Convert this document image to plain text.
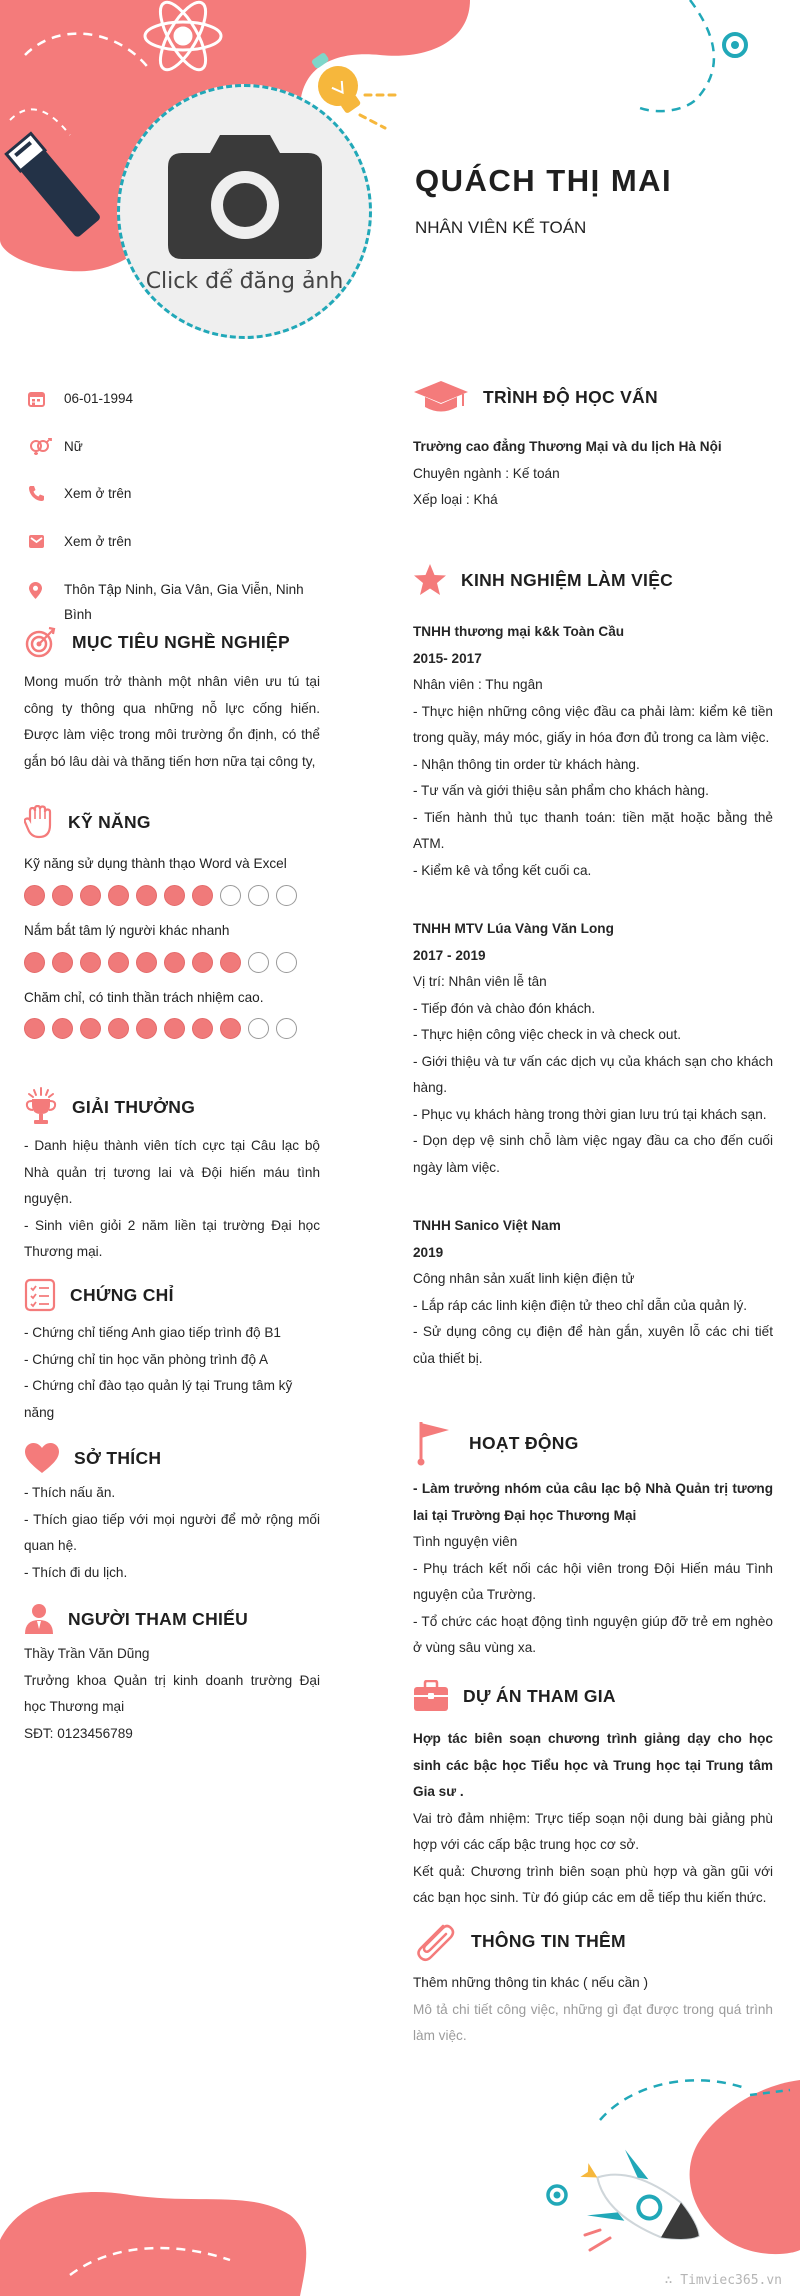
Click để đăng ảnh
QUÁCH THỊ MAI
NHÂN VIÊN KẾ TOÁN
06-01-1994
Nữ
Xem ở trên
Xem ở trên
Thôn Tập Ninh, Gia Vân, Gia Viễn, Ninh Bình
MỤC TIÊU NGHỀ NGHIỆP

Mong muốn trở thành một nhân viên ưu tú tại công ty thông qua những nỗ lực cống hiến. Được làm việc trong môi trường ổn định, có thể gắn bó lâu dài và thăng tiến hơn nữa tại công ty,

KỸ NĂNG
Kỹ năng sử dụng thành thạo Word và Excel
Nắm bắt tâm lý người khác nhanh
Chăm chỉ, có tinh thần trách nhiệm cao.
GIẢI THƯỞNG

- Danh hiệu thành viên tích cực tại Câu lạc bộ Nhà quản trị tương lai và Đội hiến máu tình nguyện.

- Sinh viên giỏi 2 năm liền tại trường Đại học Thương mại.

CHỨNG CHỈ

- Chứng chỉ tiếng Anh giao tiếp trình độ B1

- Chứng chỉ tin học văn phòng trình độ A

- Chứng chỉ đào tạo quản lý tại Trung tâm kỹ năng

SỞ THÍCH

- Thích nấu ăn.

- Thích giao tiếp với mọi người để mở rộng mối quan hệ.

- Thích đi du lịch.

NGƯỜI THAM CHIẾU

Thầy Trần Văn Dũng

Trưởng khoa Quản trị kinh doanh trường Đại học Thương mại

SĐT: 0123456789

TRÌNH ĐỘ HỌC VẤN

Trường cao đẳng Thương Mại và du lịch Hà Nội

Chuyên ngành : Kế toán

Xếp loại : Khá

KINH NGHIỆM LÀM VIỆC

TNHH thương mại k&k Toàn Cầu

2015- 2017

Nhân viên : Thu ngân

- Thực hiện những công việc đầu ca phải làm: kiểm kê tiền trong quầy, máy móc, giấy in hóa đơn đủ trong ca làm việc.

- Nhận thông tin order từ khách hàng.

- Tư vấn và giới thiệu sản phẩm cho khách hàng.

- Tiến hành thủ tục thanh toán: tiền mặt hoặc bằng thẻ ATM.

- Kiểm kê và tổng kết cuối ca.

TNHH MTV Lúa Vàng Văn Long

2017 - 2019

Vị trí: Nhân viên lễ tân

- Tiếp đón và chào đón khách.

- Thực hiện công việc check in và check out.

- Giới thiệu và tư vấn các dịch vụ của khách sạn cho khách hàng.

- Phục vụ khách hàng trong thời gian lưu trú tại khách sạn.

- Dọn dẹp vệ sinh chỗ làm việc ngay đầu ca cho đến cuối ngày làm việc.

TNHH Sanico Việt Nam

2019

Công nhân sản xuất linh kiện điện tử

- Lắp ráp các linh kiện điện tử theo chỉ dẫn của quản lý.

- Sử dụng công cụ điện để hàn gắn, xuyên lỗ các chi tiết của thiết bị.

HOẠT ĐỘNG

- Làm trưởng nhóm của câu lạc bộ Nhà Quản trị tương lai tại Trường Đại học Thương Mại

Tình nguyện viên

- Phụ trách kết nối các hội viên trong Đội Hiến máu Tình nguyện của Trường.

- Tổ chức các hoạt động tình nguyện giúp đỡ trẻ em nghèo ở vùng sâu vùng xa.

DỰ ÁN THAM GIA

Hợp tác biên soạn chương trình giảng dạy cho học sinh các bậc học Tiểu học và Trung học tại Trung tâm Gia sư .

Vai trò đảm nhiệm: Trực tiếp soạn nội dung bài giảng phù hợp với các cấp bậc trung học cơ sở.

Kết quả: Chương trình biên soạn phù hợp và gần gũi với các bạn học sinh. Từ đó giúp các em dễ tiếp thu kiến thức.

THÔNG TIN THÊM

Thêm những thông tin khác ( nếu cần )

Mô tả chi tiết công việc, những gì đạt được trong quá trình làm việc.

∴ Timviec365.vn
